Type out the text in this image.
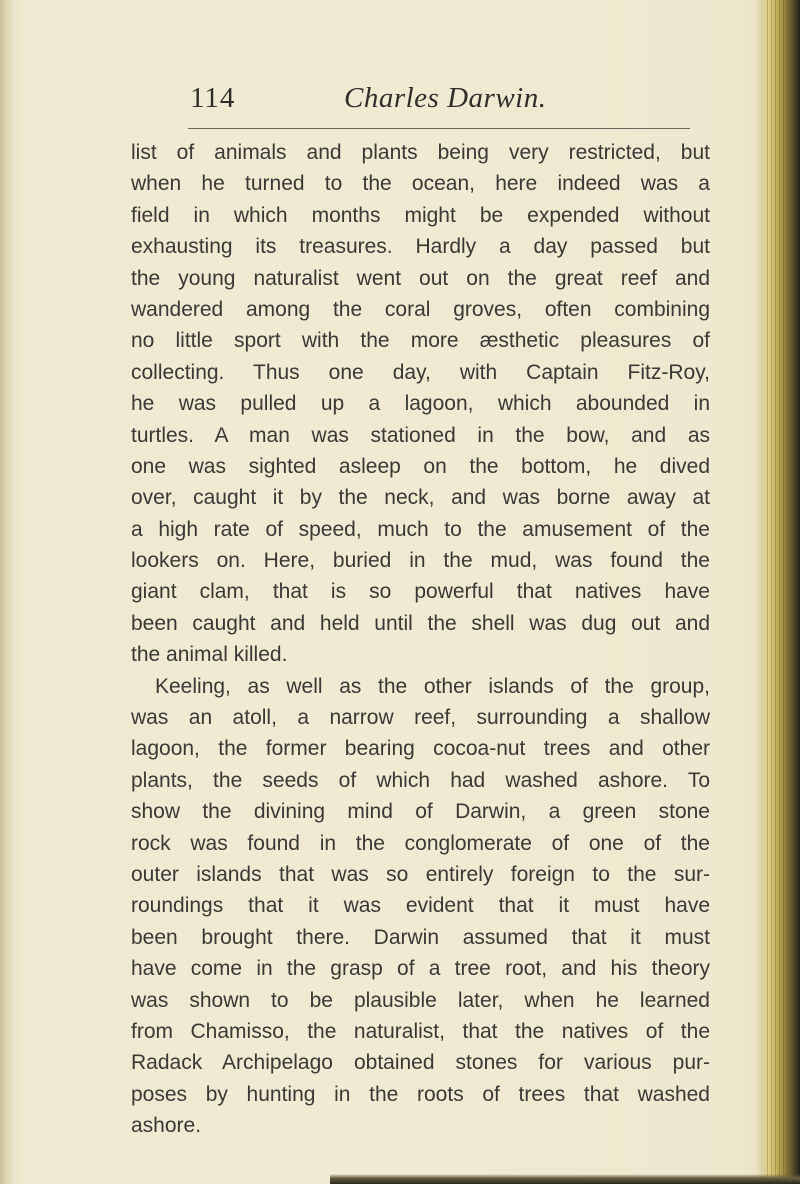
114	Charles Darwin.
list of animals and plants being very restricted, but
when he turned to the ocean, here indeed was a
field in which months might be expended without
exhausting its treasures. Hardly a day passed but
the young naturalist went out on the great reef and
wandered among the coral groves, often combining
no little sport with the more æsthetic pleasures of
collecting. Thus one day, with Captain Fitz-Roy,
he was pulled up a lagoon, which abounded in
turtles. A man was stationed in the bow, and as
one was sighted asleep on the bottom, he dived
over, caught it by the neck, and was borne away at
a high rate of speed, much to the amusement of the
lookers on. Here, buried in the mud, was found the
giant clam, that is so powerful that natives have
been caught and held until the shell was dug out and
the animal killed.
Keeling, as well as the other islands of the group,
was an atoll, a narrow reef, surrounding a shallow
lagoon, the former bearing cocoa-nut trees and other
plants, the seeds of which had washed ashore. To
show the divining mind of Darwin, a green stone
rock was found in the conglomerate of one of the
outer islands that was so entirely foreign to the sur-
roundings that it was evident that it must have
been brought there. Darwin assumed that it must
have come in the grasp of a tree root, and his theory
was shown to be plausible later, when he learned
from Chamisso, the naturalist, that the natives of the
Radack Archipelago obtained stones for various pur-
poses by hunting in the roots of trees that washed
ashore.
